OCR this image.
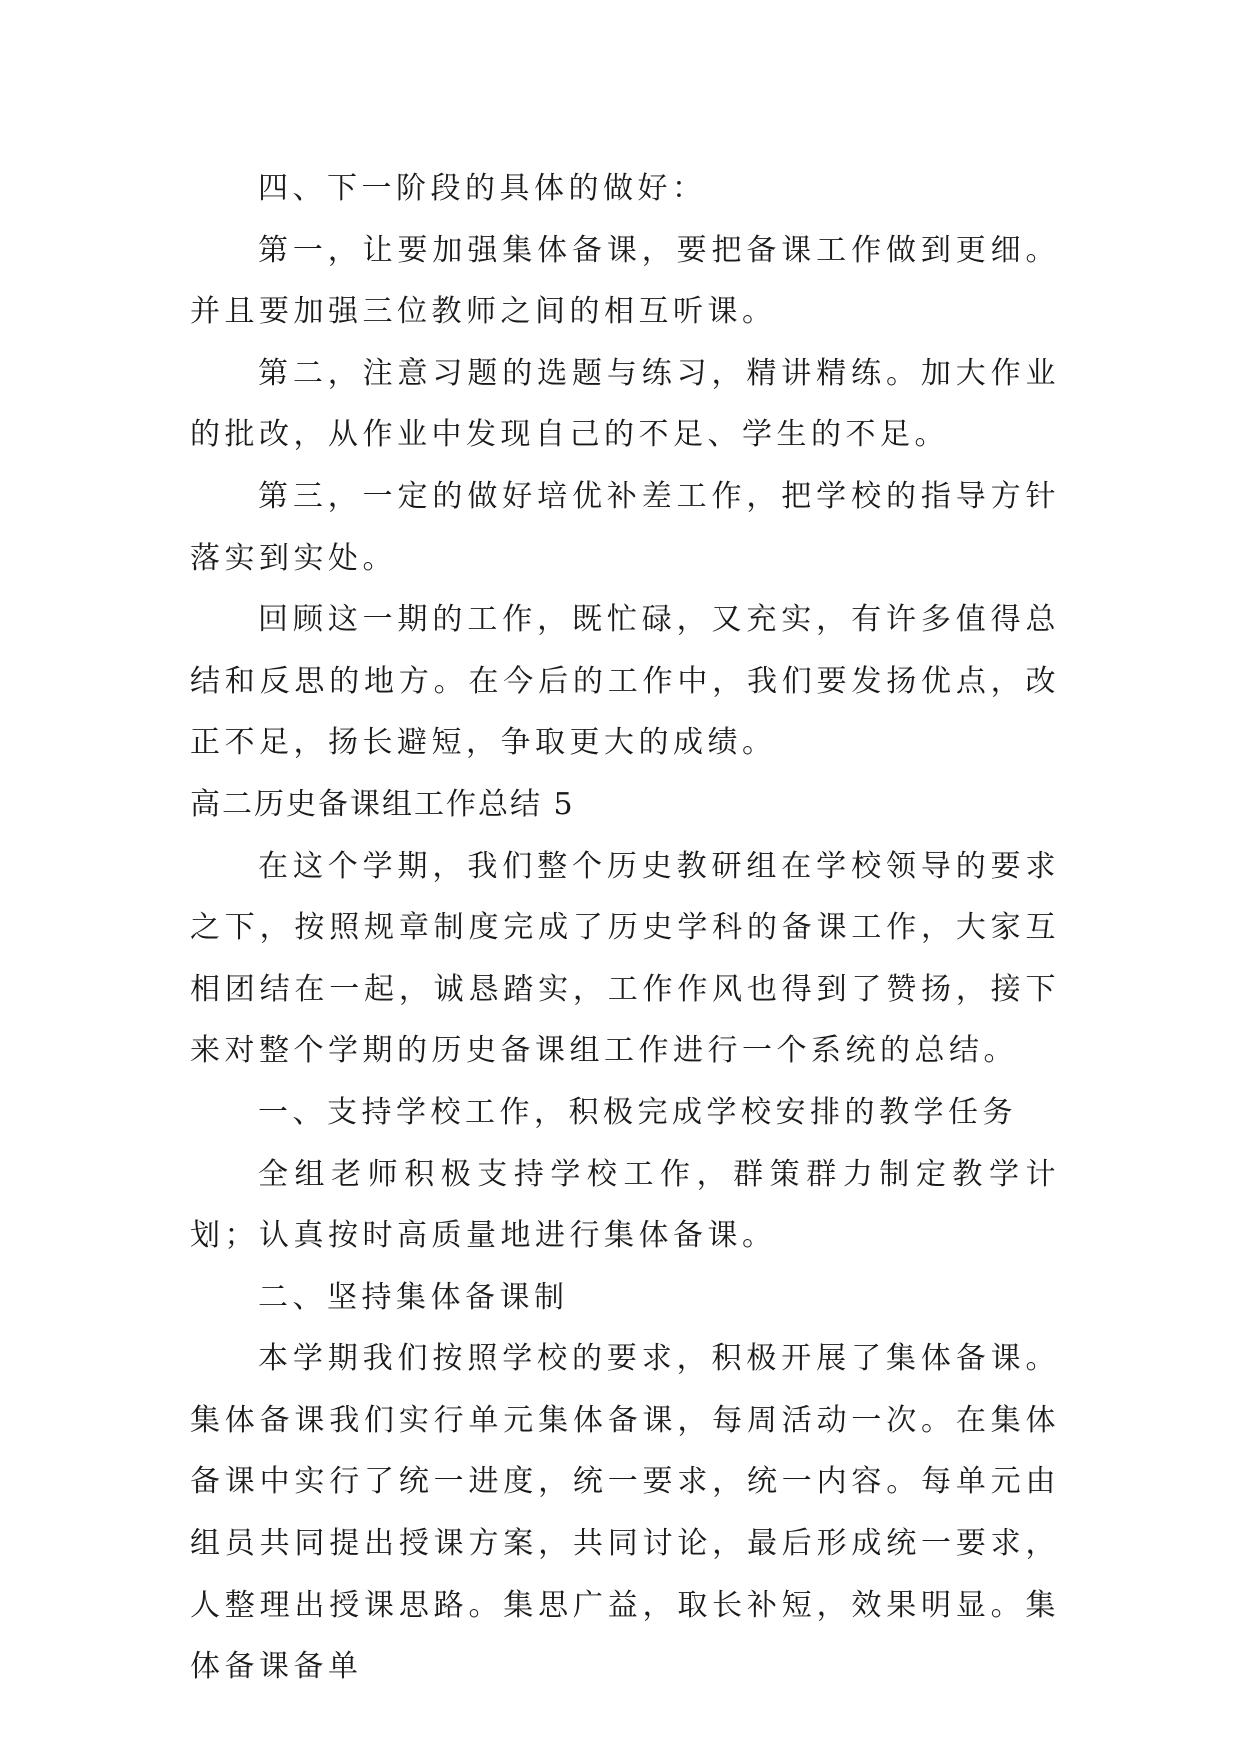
四、下一阶段的具体的做好：

第一，让要加强集体备课，要把备课工作做到更细。并且要加强三位教师之间的相互听课。

第二，注意习题的选题与练习，精讲精练。加大作业的批改，从作业中发现自己的不足、学生的不足。

第三，一定的做好培优补差工作，把学校的指导方针落实到实处。

回顾这一期的工作，既忙碌，又充实，有许多值得总结和反思的地方。在今后的工作中，我们要发扬优点，改正不足，扬长避短，争取更大的成绩。

高二历史备课组工作总结 5

在这个学期，我们整个历史教研组在学校领导的要求之下，按照规章制度完成了历史学科的备课工作，大家互相团结在一起，诚恳踏实，工作作风也得到了赞扬，接下来对整个学期的历史备课组工作进行一个系统的总结。

一、支持学校工作，积极完成学校安排的教学任务

全组老师积极支持学校工作，群策群力制定教学计划；认真按时高质量地进行集体备课。

二、坚持集体备课制

本学期我们按照学校的要求，积极开展了集体备课。集体备课我们实行单元集体备课，每周活动一次。在集体备课中实行了统一进度，统一要求，统一内容。每单元由组员共同提出授课方案，共同讨论，最后形成统一要求，人整理出授课思路。集思广益，取长补短，效果明显。集体备课备单
